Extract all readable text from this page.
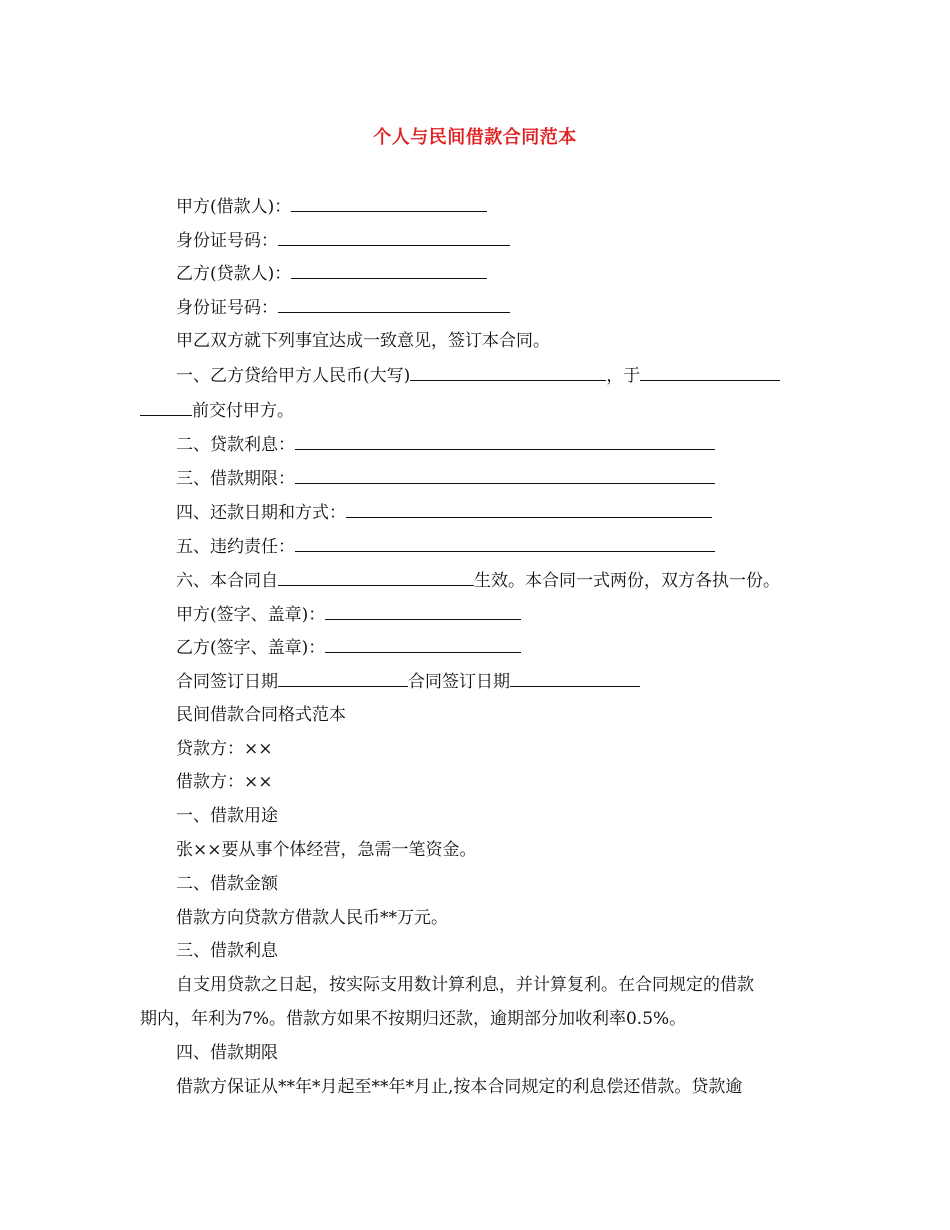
个人与民间借款合同范本
甲方(借款人)：
身份证号码：
乙方(贷款人)：
身份证号码：
甲乙双方就下列事宜达成一致意见，签订本合同。
一、乙方贷给甲方人民币(大写)	，于
前交付甲方。
二、贷款利息：
三、借款期限：
四、还款日期和方式：
五、违约责任：
六、本合同自	生效。本合同一式两份，双方各执一份。
甲方(签字、盖章)：
乙方(签字、盖章)：
合同签订日期	合同签订日期
民间借款合同格式范本
贷款方：××
借款方：××
一、借款用途
张××要从事个体经营，急需一笔资金。
二、借款金额
借款方向贷款方借款人民币**万元。
三、借款利息
自支用贷款之日起，按实际支用数计算利息，并计算复利。在合同规定的借款
期内，年利为7%。借款方如果不按期归还款，逾期部分加收利率0.5%。
四、借款期限
借款方保证从**年*月起至**年*月止,按本合同规定的利息偿还借款。贷款逾
